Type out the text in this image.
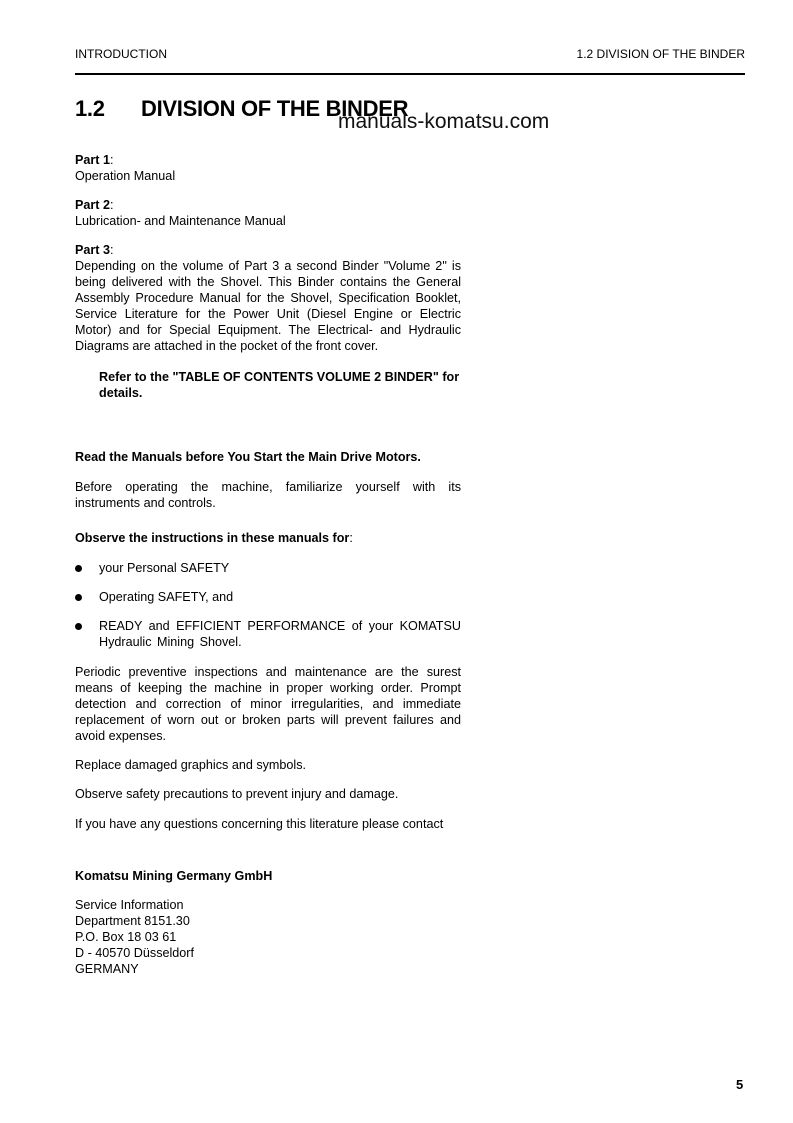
INTRODUCTION	1.2 DIVISION OF THE BINDER
1.2 DIVISION OF THE BINDER
manuals-komatsu.com
Part 1:
Operation Manual
Part 2:
Lubrication- and Maintenance Manual
Part 3:
Depending on the volume of Part 3 a second Binder "Volume 2" is being delivered with the Shovel. This Binder contains the General Assembly Procedure Manual for the Shovel, Specification Booklet, Service Literature for the Power Unit (Diesel Engine or Electric Motor) and for Special Equipment. The Electrical- and Hydraulic Diagrams are attached in the pocket of the front cover.
Refer to the "TABLE OF CONTENTS VOLUME 2 BINDER" for details.
Read the Manuals before You Start the Main Drive Motors.
Before operating the machine, familiarize yourself with its instruments and controls.
Observe the instructions in these manuals for:
your Personal SAFETY
Operating SAFETY, and
READY and EFFICIENT PERFORMANCE of your KOMATSU Hydraulic Mining Shovel.
Periodic preventive inspections and maintenance are the surest means of keeping the machine in proper working order. Prompt detection and correction of minor irregularities, and immediate replacement of worn out or broken parts will prevent failures and avoid expenses.
Replace damaged graphics and symbols.
Observe safety precautions to prevent injury and damage.
If you have any questions concerning this literature please contact
Komatsu Mining Germany GmbH
Service Information
Department 8151.30
P.O. Box 18 03 61
D - 40570 Düsseldorf
GERMANY
5
